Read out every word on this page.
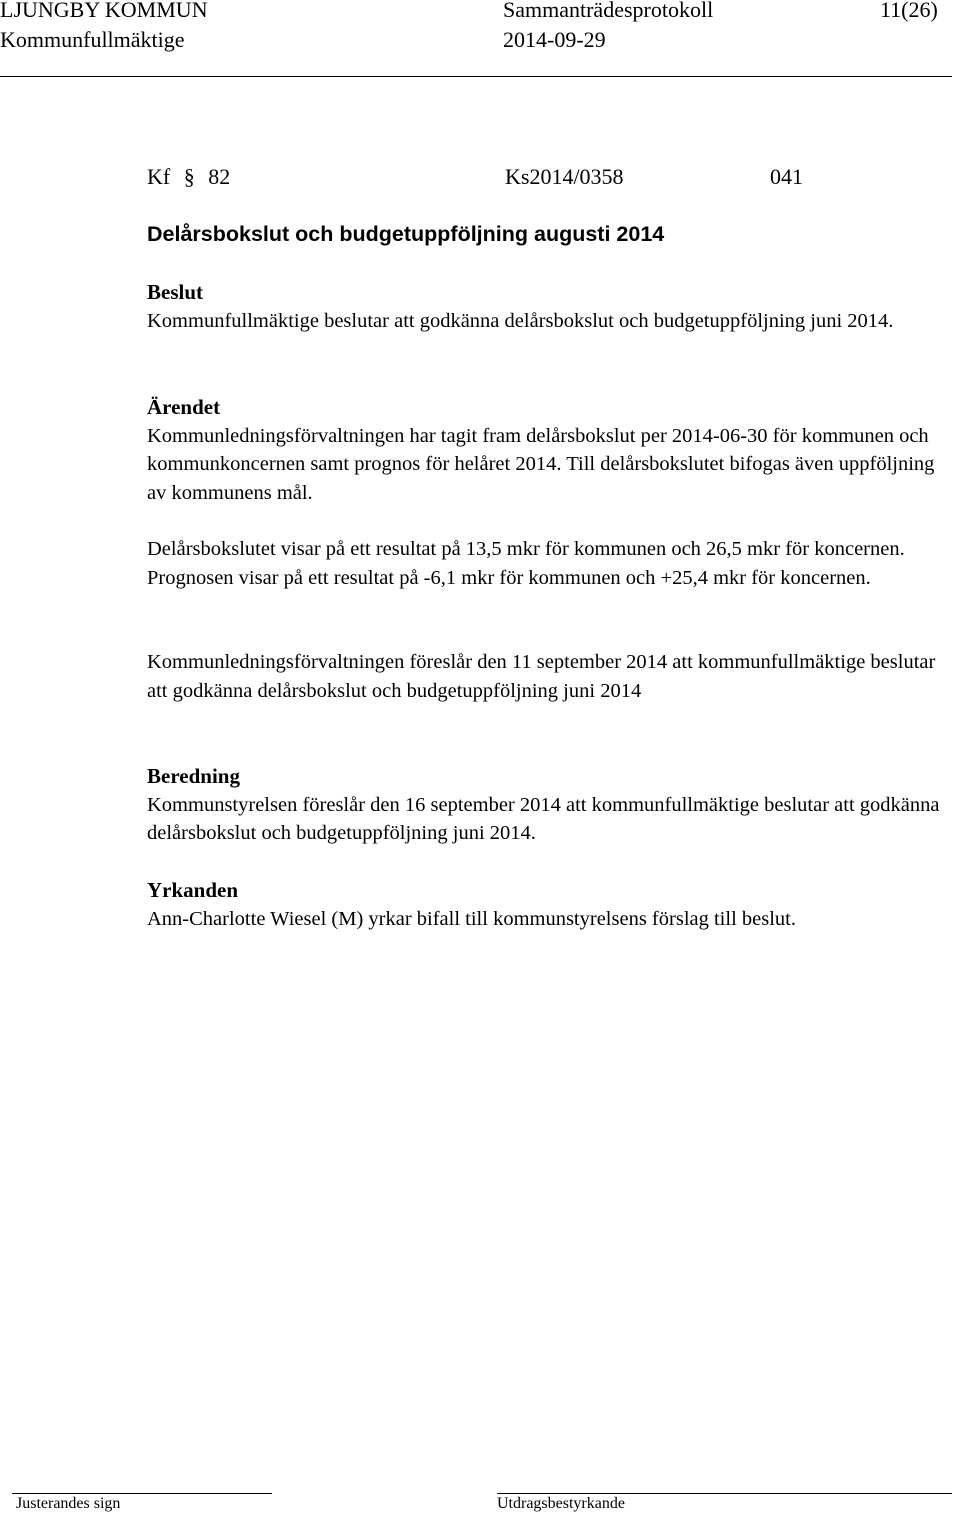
LJUNGBY KOMMUN	Sammanträdesprotokoll	11(26)
Kommunfullmäktige	2014-09-29
Kf § 82	Ks2014/0358	041
Delårsbokslut och budgetuppföljning augusti 2014
Beslut

Kommunfullmäktige beslutar att godkänna delårsbokslut och budgetuppföljning juni 2014.

Ärendet

Kommunledningsförvaltningen har tagit fram delårsbokslut per 2014-06-30 för kommunen och kommunkoncernen samt prognos för helåret 2014. Till delårsbokslutet bifogas även uppföljning av kommunens mål.

Delårsbokslutet visar på ett resultat på 13,5 mkr för kommunen och 26,5 mkr för koncernen. Prognosen visar på ett resultat på -6,1 mkr för kommunen och +25,4 mkr för koncernen.

Kommunledningsförvaltningen föreslår den 11 september 2014 att kommunfullmäktige beslutar att godkänna delårsbokslut och budgetuppföljning juni 2014

Beredning

Kommunstyrelsen föreslår den 16 september 2014 att kommunfullmäktige beslutar att godkänna delårsbokslut och budgetuppföljning juni 2014.

Yrkanden

Ann-Charlotte Wiesel (M) yrkar bifall till kommunstyrelsens förslag till beslut.

Justerandes sign	Utdragsbestyrkande
